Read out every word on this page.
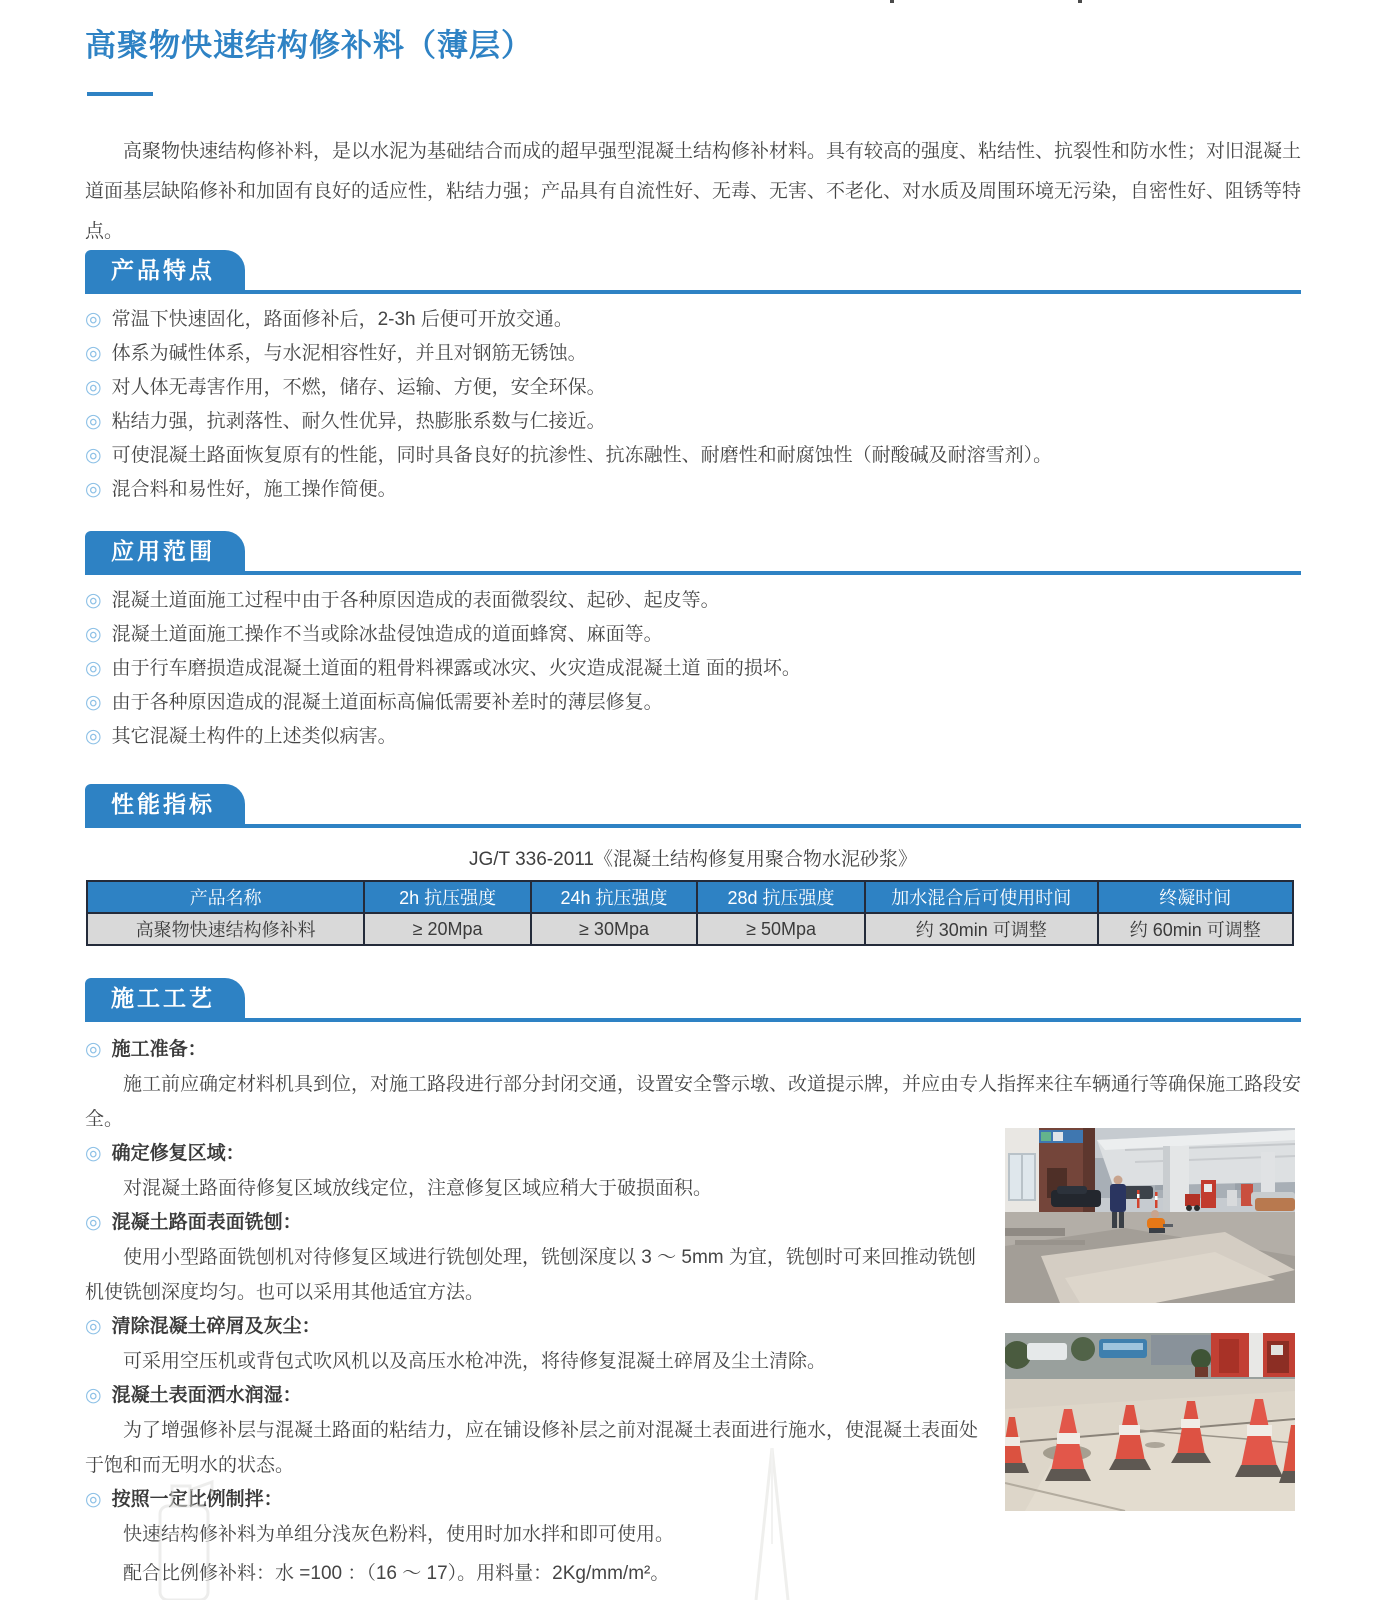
高聚物快速结构修补料（薄层）

高聚物快速结构修补料，是以水泥为基础结合而成的超早强型混凝土结构修补材料。具有较高的强度、粘结性、抗裂性和防水性；对旧混凝土道面基层缺陷修补和加固有良好的适应性，粘结力强；产品具有自流性好、无毒、无害、不老化、对水质及周围环境无污染，自密性好、阻锈等特点。

产品特点
◎ 常温下快速固化，路面修补后，2-3h 后便可开放交通。
◎ 体系为碱性体系，与水泥相容性好，并且对钢筋无锈蚀。
◎ 对人体无毒害作用，不燃，储存、运输、方便，安全环保。
◎ 粘结力强，抗剥落性、耐久性优异，热膨胀系数与仁接近。
◎ 可使混凝土路面恢复原有的性能，同时具备良好的抗渗性、抗冻融性、耐磨性和耐腐蚀性（耐酸碱及耐溶雪剂）。
◎ 混合料和易性好，施工操作简便。
应用范围
◎ 混凝土道面施工过程中由于各种原因造成的表面微裂纹、起砂、起皮等。
◎ 混凝土道面施工操作不当或除冰盐侵蚀造成的道面蜂窝、麻面等。
◎ 由于行车磨损造成混凝土道面的粗骨料裸露或冰灾、火灾造成混凝土道 面的损坏。
◎ 由于各种原因造成的混凝土道面标高偏低需要补差时的薄层修复。
◎ 其它混凝土构件的上述类似病害。
性能指标
JG/T 336-2011《混凝土结构修复用聚合物水泥砂浆》
产品名称	2h 抗压强度	24h 抗压强度	28d 抗压强度	加水混合后可使用时间	终凝时间
高聚物快速结构修补料	≥ 20Mpa	≥ 30Mpa	≥ 50Mpa	约 30min 可调整	约 60min 可调整
施工工艺

◎ 施工准备：

施工前应确定材料机具到位，对施工路段进行部分封闭交通，设置安全警示墩、改道提示牌，并应由专人指挥来往车辆通行等确保施工路段安全。

◎ 确定修复区域：

对混凝土路面待修复区域放线定位，注意修复区域应稍大于破损面积。

◎ 混凝土路面表面铣刨：

使用小型路面铣刨机对待修复区域进行铣刨处理，铣刨深度以 3 ～ 5mm 为宜，铣刨时可来回推动铣刨机使铣刨深度均匀。也可以采用其他适宜方法。

◎ 清除混凝土碎屑及灰尘：

可采用空压机或背包式吹风机以及高压水枪冲洗，将待修复混凝土碎屑及尘土清除。

◎ 混凝土表面洒水润湿：

为了增强修补层与混凝土路面的粘结力，应在铺设修补层之前对混凝土表面进行施水，使混凝土表面处于饱和而无明水的状态。

◎ 按照一定比例制拌：

快速结构修补料为单组分浅灰色粉料，使用时加水拌和即可使用。

配合比例修补料：水 =100 ：（16 ～ 17）。用料量：2Kg/mm/m²。
